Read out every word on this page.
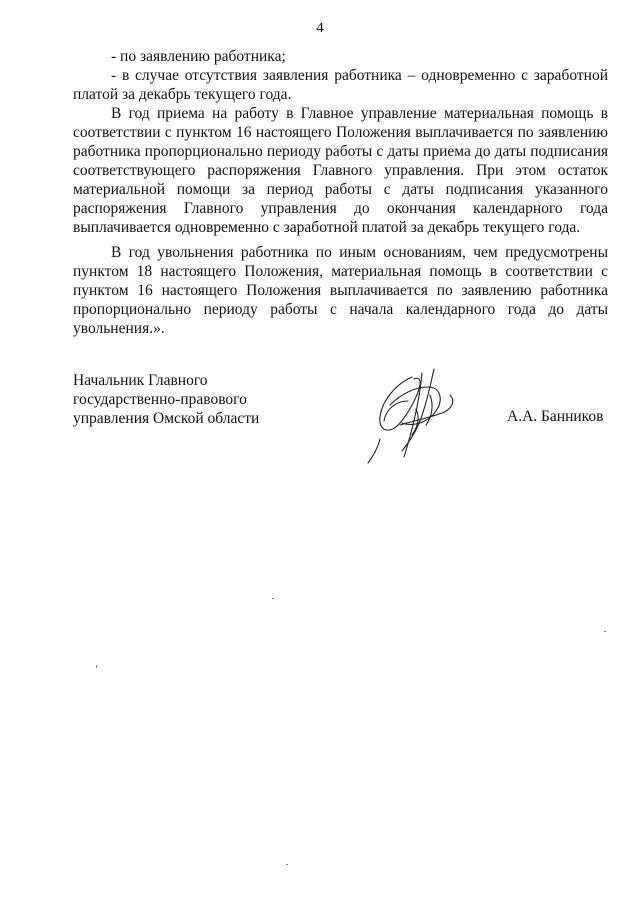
4

- по заявлению работника;

- в случае отсутствия заявления работника – одновременно с заработной платой за декабрь текущего года.

В год приема на работу в Главное управление материальная помощь в соответствии с пунктом 16 настоящего Положения выплачивается по заявлению работника пропорционально периоду работы с даты приема до даты подписания соответствующего распоряжения Главного управления. При этом остаток материальной помощи за период работы с даты подписания указанного распоряжения Главного управления до окончания календарного года выплачивается одновременно с заработной платой за декабрь текущего года.

В год увольнения работника по иным основаниям, чем предусмотрены пунктом 18 настоящего Положения, материальная помощь в соответствии с пунктом 16 настоящего Положения выплачивается по заявлению работника пропорционально периоду работы с начала календарного года до даты увольнения.».

Начальник Главного
государственно-правового
управления Омской области	А.А. Банников
